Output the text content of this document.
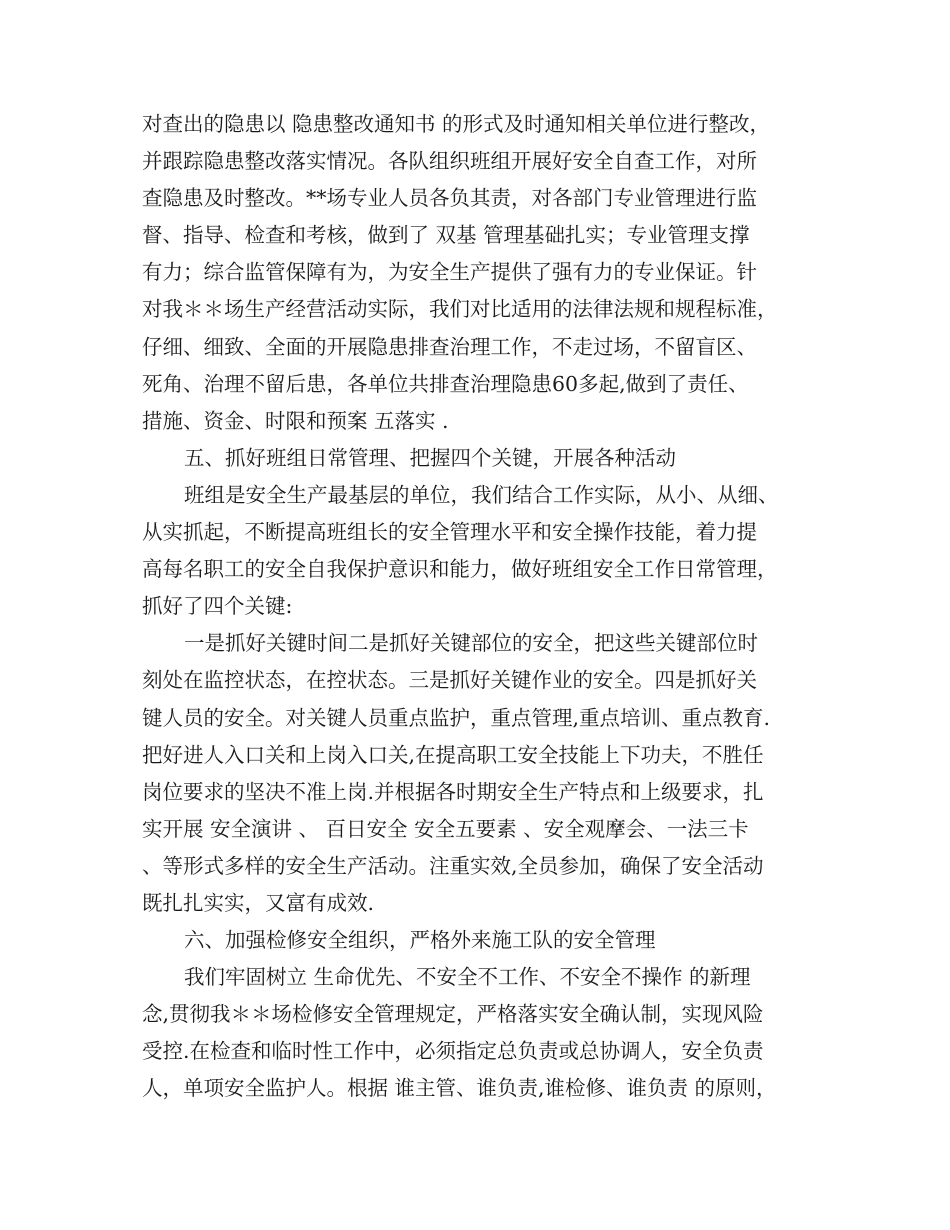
对查出的隐患以 隐患整改通知书 的形式及时通知相关单位进行整改，
并跟踪隐患整改落实情况。各队组织班组开展好安全自查工作，对所
查隐患及时整改。**场专业人员各负其责，对各部门专业管理进行监
督、指导、检查和考核，做到了 双基 管理基础扎实；专业管理支撑
有力；综合监管保障有为，为安全生产提供了强有力的专业保证。针
对我＊＊场生产经营活动实际，我们对比适用的法律法规和规程标准，
仔细、细致、全面的开展隐患排查治理工作，不走过场，不留盲区、
死角、治理不留后患，各单位共排查治理隐患60多起,做到了责任、
措施、资金、时限和预案 五落实 .
五、抓好班组日常管理、把握四个关键，开展各种活动
班组是安全生产最基层的单位，我们结合工作实际，从小、从细、
从实抓起，不断提高班组长的安全管理水平和安全操作技能，着力提
高每名职工的安全自我保护意识和能力，做好班组安全工作日常管理，
抓好了四个关键:
一是抓好关键时间二是抓好关键部位的安全，把这些关键部位时
刻处在监控状态，在控状态。三是抓好关键作业的安全。四是抓好关
键人员的安全。对关键人员重点监护，重点管理,重点培训、重点教育.
把好进人入口关和上岗入口关,在提高职工安全技能上下功夫，不胜任
岗位要求的坚决不准上岗.并根据各时期安全生产特点和上级要求，扎
实开展 安全演讲 、 百日安全 安全五要素 、安全观摩会、一法三卡
、等形式多样的安全生产活动。注重实效,全员参加，确保了安全活动
既扎扎实实，又富有成效.
六、加强检修安全组织，严格外来施工队的安全管理
我们牢固树立 生命优先、不安全不工作、不安全不操作 的新理
念,贯彻我＊＊场检修安全管理规定，严格落实安全确认制，实现风险
受控.在检查和临时性工作中，必须指定总负责或总协调人，安全负责
人，单项安全监护人。根据 谁主管、谁负责,谁检修、谁负责 的原则，
